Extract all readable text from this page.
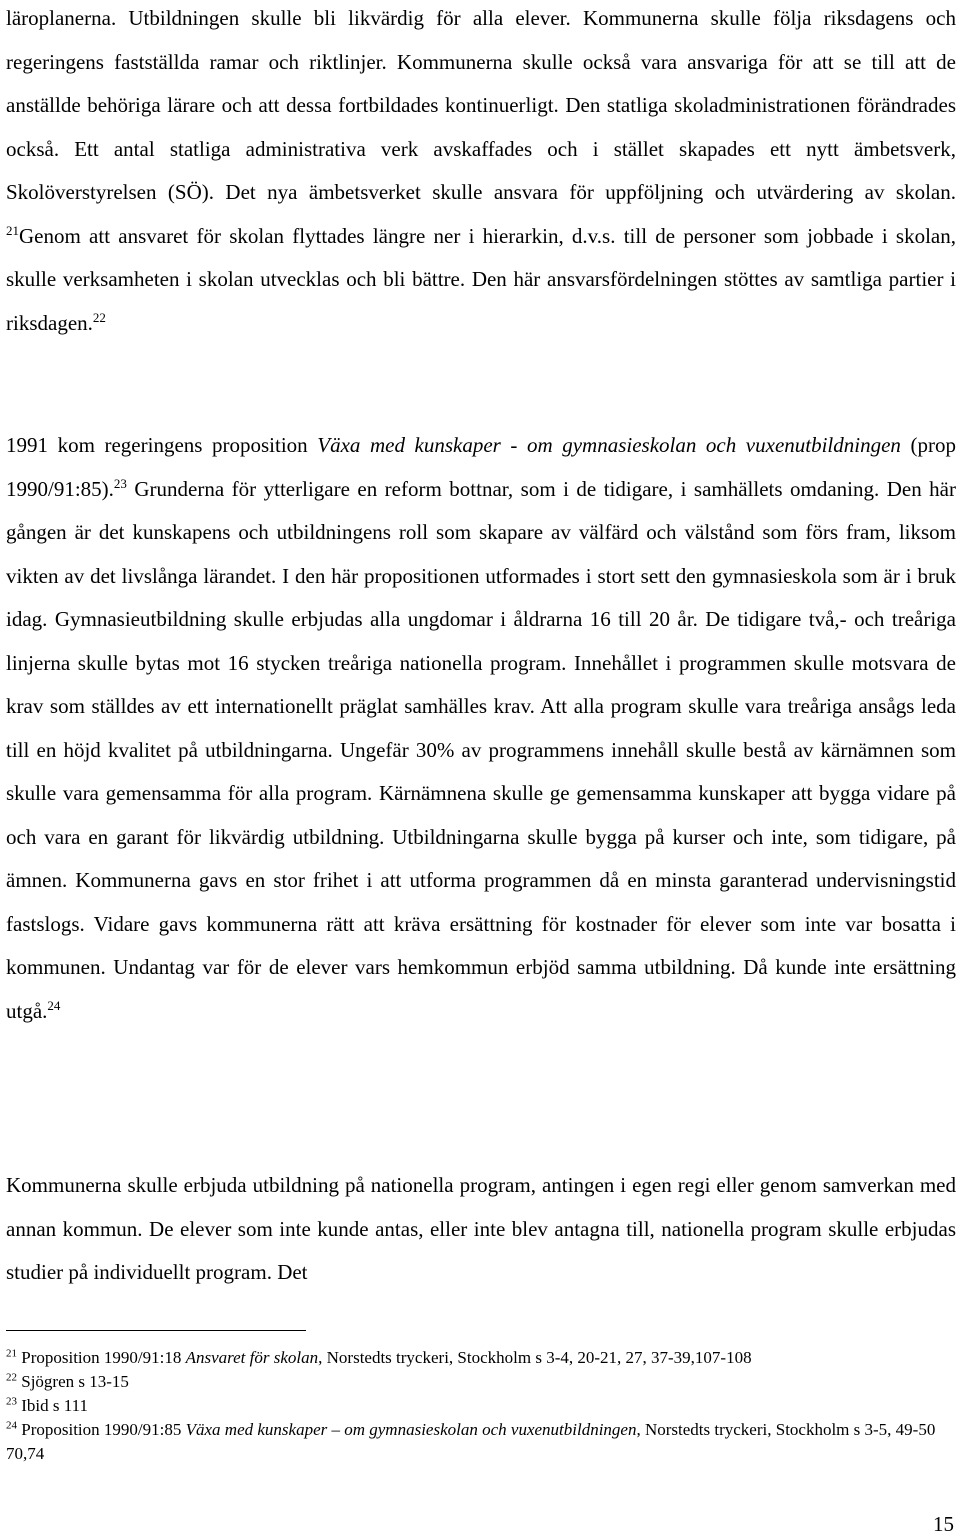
läroplanerna. Utbildningen skulle bli likvärdig för alla elever. Kommunerna skulle följa riksdagens och regeringens fastställda ramar och riktlinjer. Kommunerna skulle också vara ansvariga för att se till att de anställde behöriga lärare och att dessa fortbildades kontinuerligt. Den statliga skoladministrationen förändrades också. Ett antal statliga administrativa verk avskaffades och i stället skapades ett nytt ämbetsverk, Skolöverstyrelsen (SÖ). Det nya ämbetsverket skulle ansvara för uppföljning och utvärdering av skolan. $^{21}$Genom att ansvaret för skolan flyttades längre ner i hierarkin, d.v.s. till de personer som jobbade i skolan, skulle verksamheten i skolan utvecklas och bli bättre. Den här ansvarsfördelningen stöttes av samtliga partier i riksdagen.$^{22}$

1991 kom regeringens proposition Växa med kunskaper - om gymnasieskolan och vuxenutbildningen (prop 1990/91:85).$^{23}$ Grunderna för ytterligare en reform bottnar, som i de tidigare, i samhällets omdaning. Den här gången är det kunskapens och utbildningens roll som skapare av välfärd och välstånd som förs fram, liksom vikten av det livslånga lärandet. I den här propositionen utformades i stort sett den gymnasieskola som är i bruk idag. Gymnasieutbildning skulle erbjudas alla ungdomar i åldrarna 16 till 20 år. De tidigare två,- och treåriga linjerna skulle bytas mot 16 stycken treåriga nationella program. Innehållet i programmen skulle motsvara de krav som ställdes av ett internationellt präglat samhälles krav. Att alla program skulle vara treåriga ansågs leda till en höjd kvalitet på utbildningarna. Ungefär 30% av programmens innehåll skulle bestå av kärnämnen som skulle vara gemensamma för alla program. Kärnämnena skulle ge gemensamma kunskaper att bygga vidare på och vara en garant för likvärdig utbildning. Utbildningarna skulle bygga på kurser och inte, som tidigare, på ämnen. Kommunerna gavs en stor frihet i att utforma programmen då en minsta garanterad undervisningstid fastslogs. Vidare gavs kommunerna rätt att kräva ersättning för kostnader för elever som inte var bosatta i kommunen. Undantag var för de elever vars hemkommun erbjöd samma utbildning. Då kunde inte ersättning utgå.$^{24}$

Kommunerna skulle erbjuda utbildning på nationella program, antingen i egen regi eller genom samverkan med annan kommun. De elever som inte kunde antas, eller inte blev antagna till, nationella program skulle erbjudas studier på individuellt program. Det

$^{21}$ Proposition 1990/91:18 Ansvaret för skolan, Norstedts tryckeri, Stockholm s 3-4, 20-21, 27, 37-39,107-108
$^{22}$ Sjögren s 13-15
$^{23}$ Ibid s 111
$^{24}$ Proposition 1990/91:85 Växa med kunskaper – om gymnasieskolan och vuxenutbildningen, Norstedts tryckeri, Stockholm s 3-5, 49-50 70,74
15
